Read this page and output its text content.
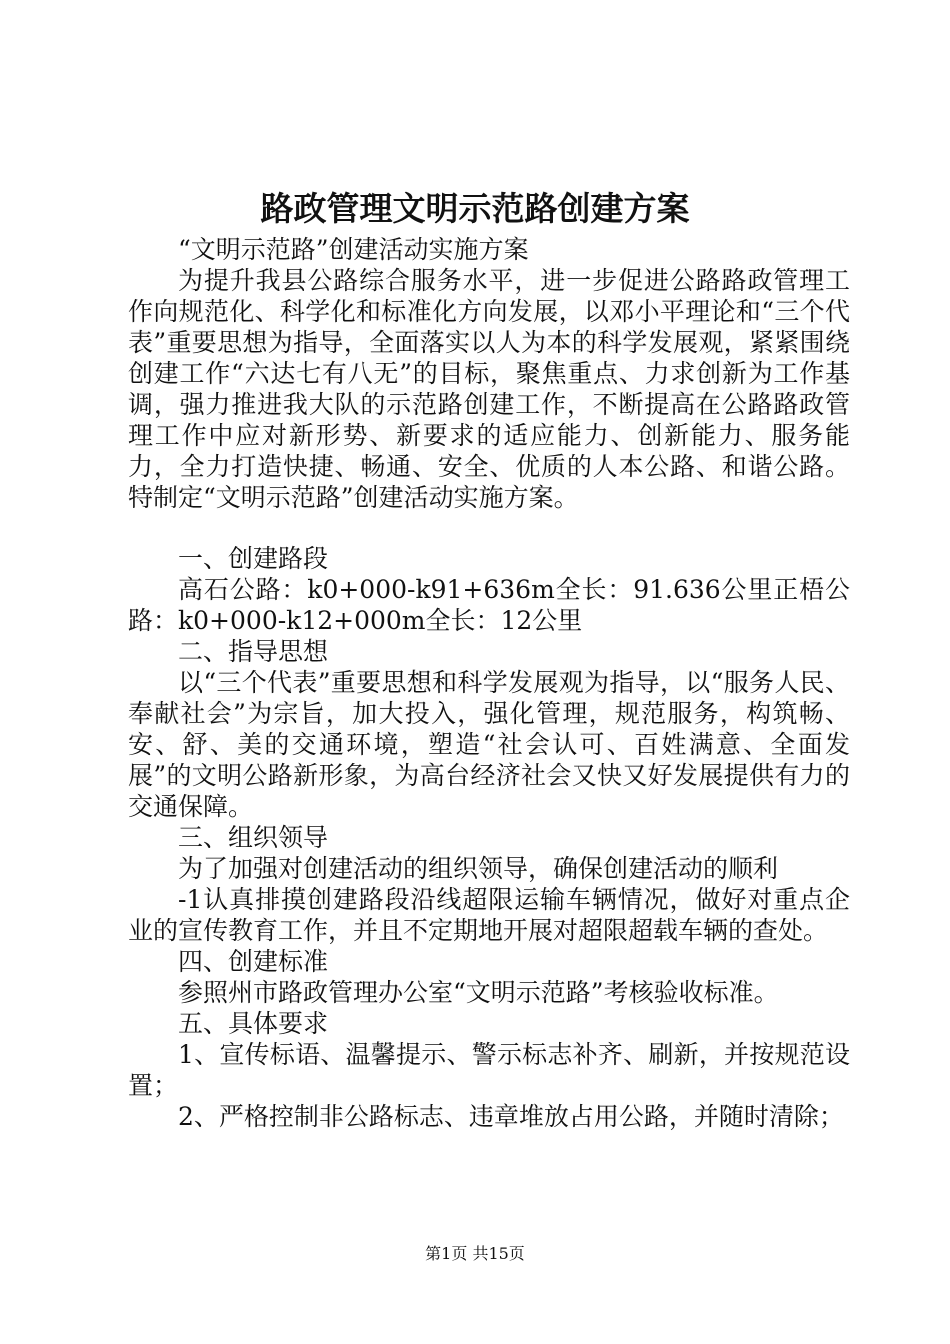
路政管理文明示范路创建方案

“文明示范路”创建活动实施方案

为提升我县公路综合服务水平，进一步促进公路路政管理工作向规范化、科学化和标准化方向发展，以邓小平理论和“三个代表”重要思想为指导，全面落实以人为本的科学发展观，紧紧围绕创建工作“六达七有八无”的目标，聚焦重点、力求创新为工作基调，强力推进我大队的示范路创建工作，不断提高在公路路政管理工作中应对新形势、新要求的适应能力、创新能力、服务能力，全力打造快捷、畅通、安全、优质的人本公路、和谐公路。特制定“文明示范路”创建活动实施方案。

一、创建路段

高石公路：k0+000-k91+636m全长：91.636公里正梧公路：k0+000-k12+000m全长：12公里

二、指导思想

以“三个代表”重要思想和科学发展观为指导，以“服务人民、奉献社会”为宗旨，加大投入，强化管理，规范服务，构筑畅、安、舒、美的交通环境，塑造“社会认可、百姓满意、全面发展”的文明公路新形象，为高台经济社会又快又好发展提供有力的交通保障。

三、组织领导

为了加强对创建活动的组织领导，确保创建活动的顺利

-1认真排摸创建路段沿线超限运输车辆情况，做好对重点企业的宣传教育工作，并且不定期地开展对超限超载车辆的查处。

四、创建标准

参照州市路政管理办公室“文明示范路”考核验收标准。

五、具体要求

1、宣传标语、温馨提示、警示标志补齐、刷新，并按规范设置；

2、严格控制非公路标志、违章堆放占用公路，并随时清除；

第1页 共15页
